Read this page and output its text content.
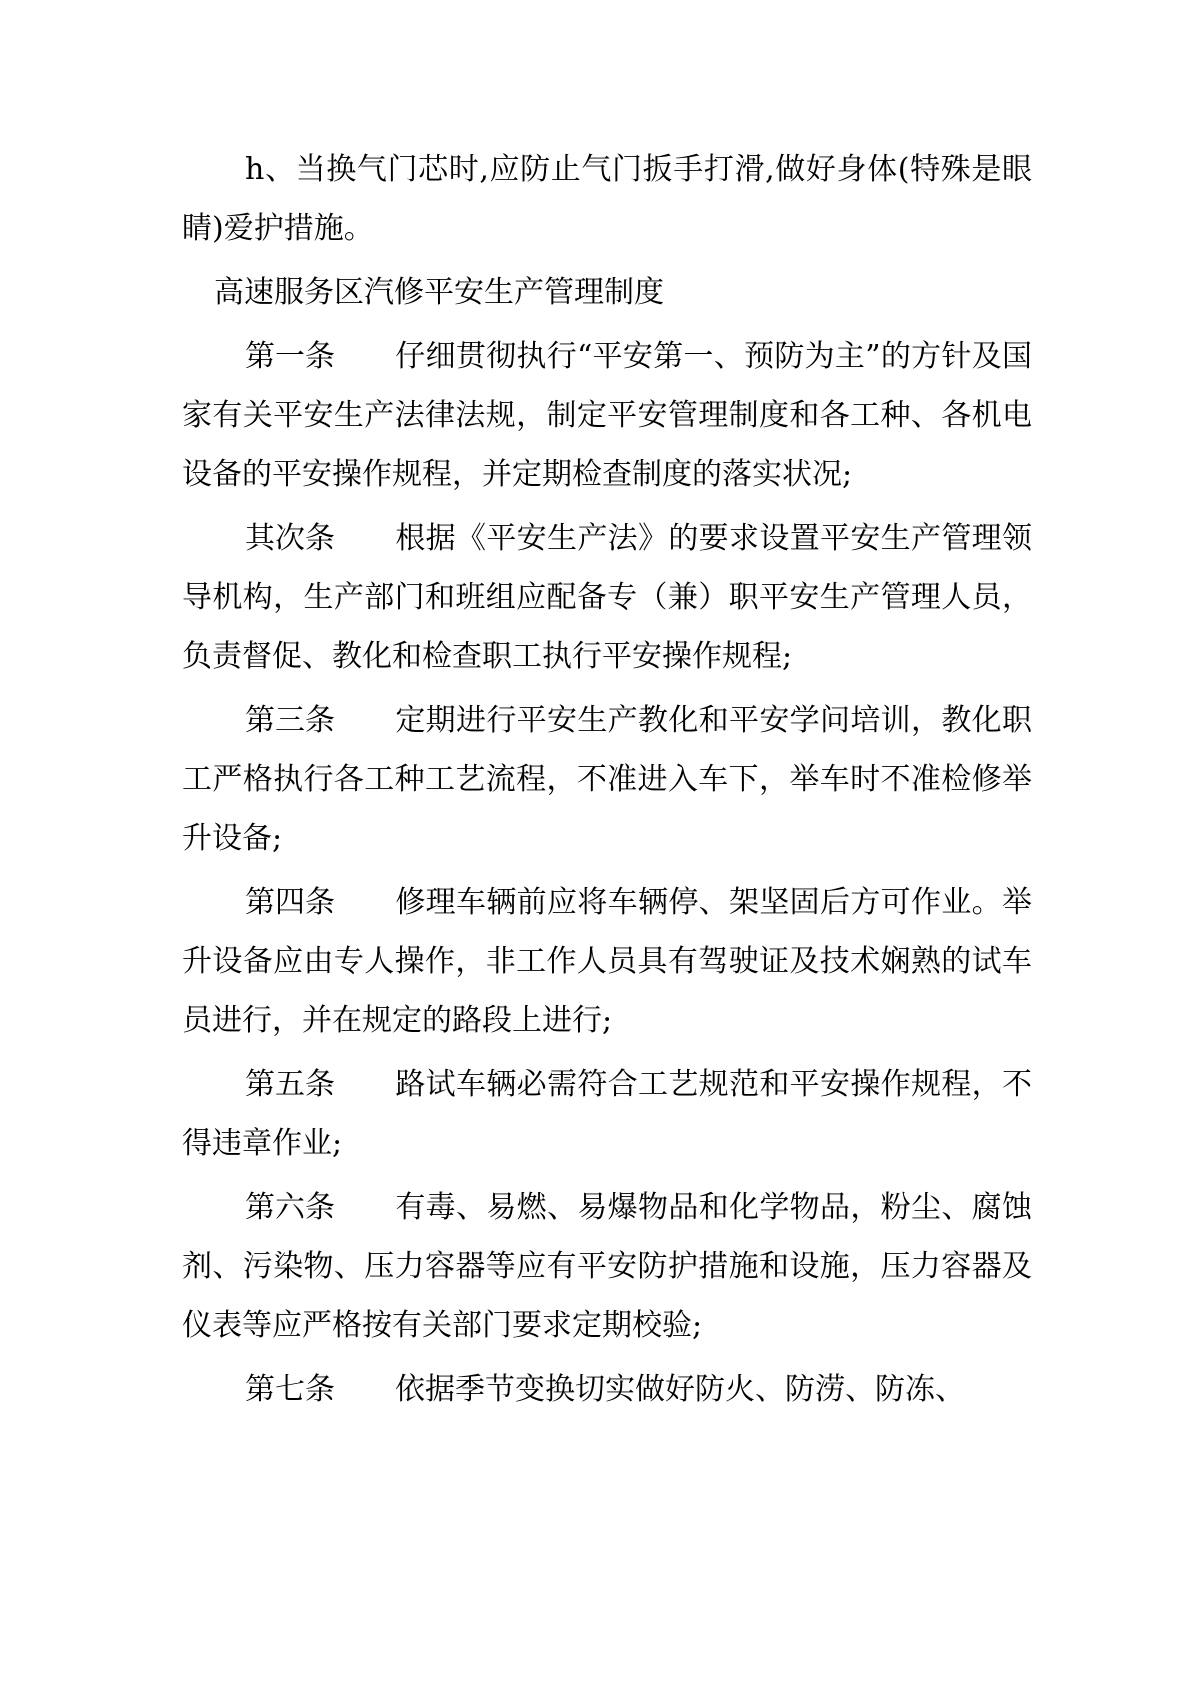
h、当换气门芯时,应防止气门扳手打滑,做好身体(特殊是眼睛)爱护措施。

高速服务区汽修平安生产管理制度

第一条 仔细贯彻执行“平安第一、预防为主”的方针及国家有关平安生产法律法规，制定平安管理制度和各工种、各机电设备的平安操作规程，并定期检查制度的落实状况;

其次条 根据《平安生产法》的要求设置平安生产管理领导机构，生产部门和班组应配备专（兼）职平安生产管理人员，负责督促、教化和检查职工执行平安操作规程;

第三条 定期进行平安生产教化和平安学问培训，教化职工严格执行各工种工艺流程，不准进入车下，举车时不准检修举升设备;

第四条 修理车辆前应将车辆停、架坚固后方可作业。举升设备应由专人操作，非工作人员具有驾驶证及技术娴熟的试车员进行，并在规定的路段上进行;

第五条 路试车辆必需符合工艺规范和平安操作规程，不得违章作业;

第六条 有毒、易燃、易爆物品和化学物品，粉尘、腐蚀剂、污染物、压力容器等应有平安防护措施和设施，压力容器及仪表等应严格按有关部门要求定期校验;

第七条 依据季节变换切实做好防火、防涝、防冻、
